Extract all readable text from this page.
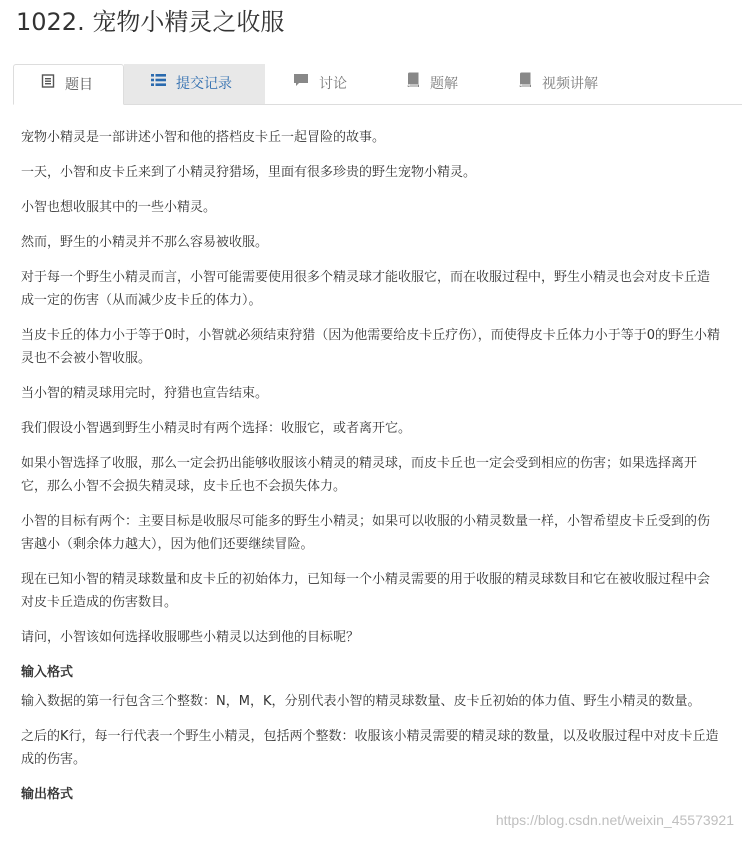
1022. 宠物小精灵之收服
题目	提交记录	讨论	题解	视频讲解

宠物小精灵是一部讲述小智和他的搭档皮卡丘一起冒险的故事。

一天，小智和皮卡丘来到了小精灵狩猎场，里面有很多珍贵的野生宠物小精灵。

小智也想收服其中的一些小精灵。

然而，野生的小精灵并不那么容易被收服。

对于每一个野生小精灵而言，小智可能需要使用很多个精灵球才能收服它，而在收服过程中，野生小精灵也会对皮卡丘造成一定的伤害（从而减少皮卡丘的体力）。

当皮卡丘的体力小于等于0时，小智就必须结束狩猎（因为他需要给皮卡丘疗伤），而使得皮卡丘体力小于等于0的野生小精灵也不会被小智收服。

当小智的精灵球用完时，狩猎也宣告结束。

我们假设小智遇到野生小精灵时有两个选择：收服它，或者离开它。

如果小智选择了收服，那么一定会扔出能够收服该小精灵的精灵球，而皮卡丘也一定会受到相应的伤害；如果选择离开它，那么小智不会损失精灵球，皮卡丘也不会损失体力。

小智的目标有两个：主要目标是收服尽可能多的野生小精灵；如果可以收服的小精灵数量一样，小智希望皮卡丘受到的伤害越小（剩余体力越大），因为他们还要继续冒险。

现在已知小智的精灵球数量和皮卡丘的初始体力，已知每一个小精灵需要的用于收服的精灵球数目和它在被收服过程中会对皮卡丘造成的伤害数目。

请问，小智该如何选择收服哪些小精灵以达到他的目标呢？

输入格式

输入数据的第一行包含三个整数：N，M，K，分别代表小智的精灵球数量、皮卡丘初始的体力值、野生小精灵的数量。

之后的K行，每一行代表一个野生小精灵，包括两个整数：收服该小精灵需要的精灵球的数量，以及收服过程中对皮卡丘造成的伤害。

输出格式
https://blog.csdn.net/weixin_45573921
